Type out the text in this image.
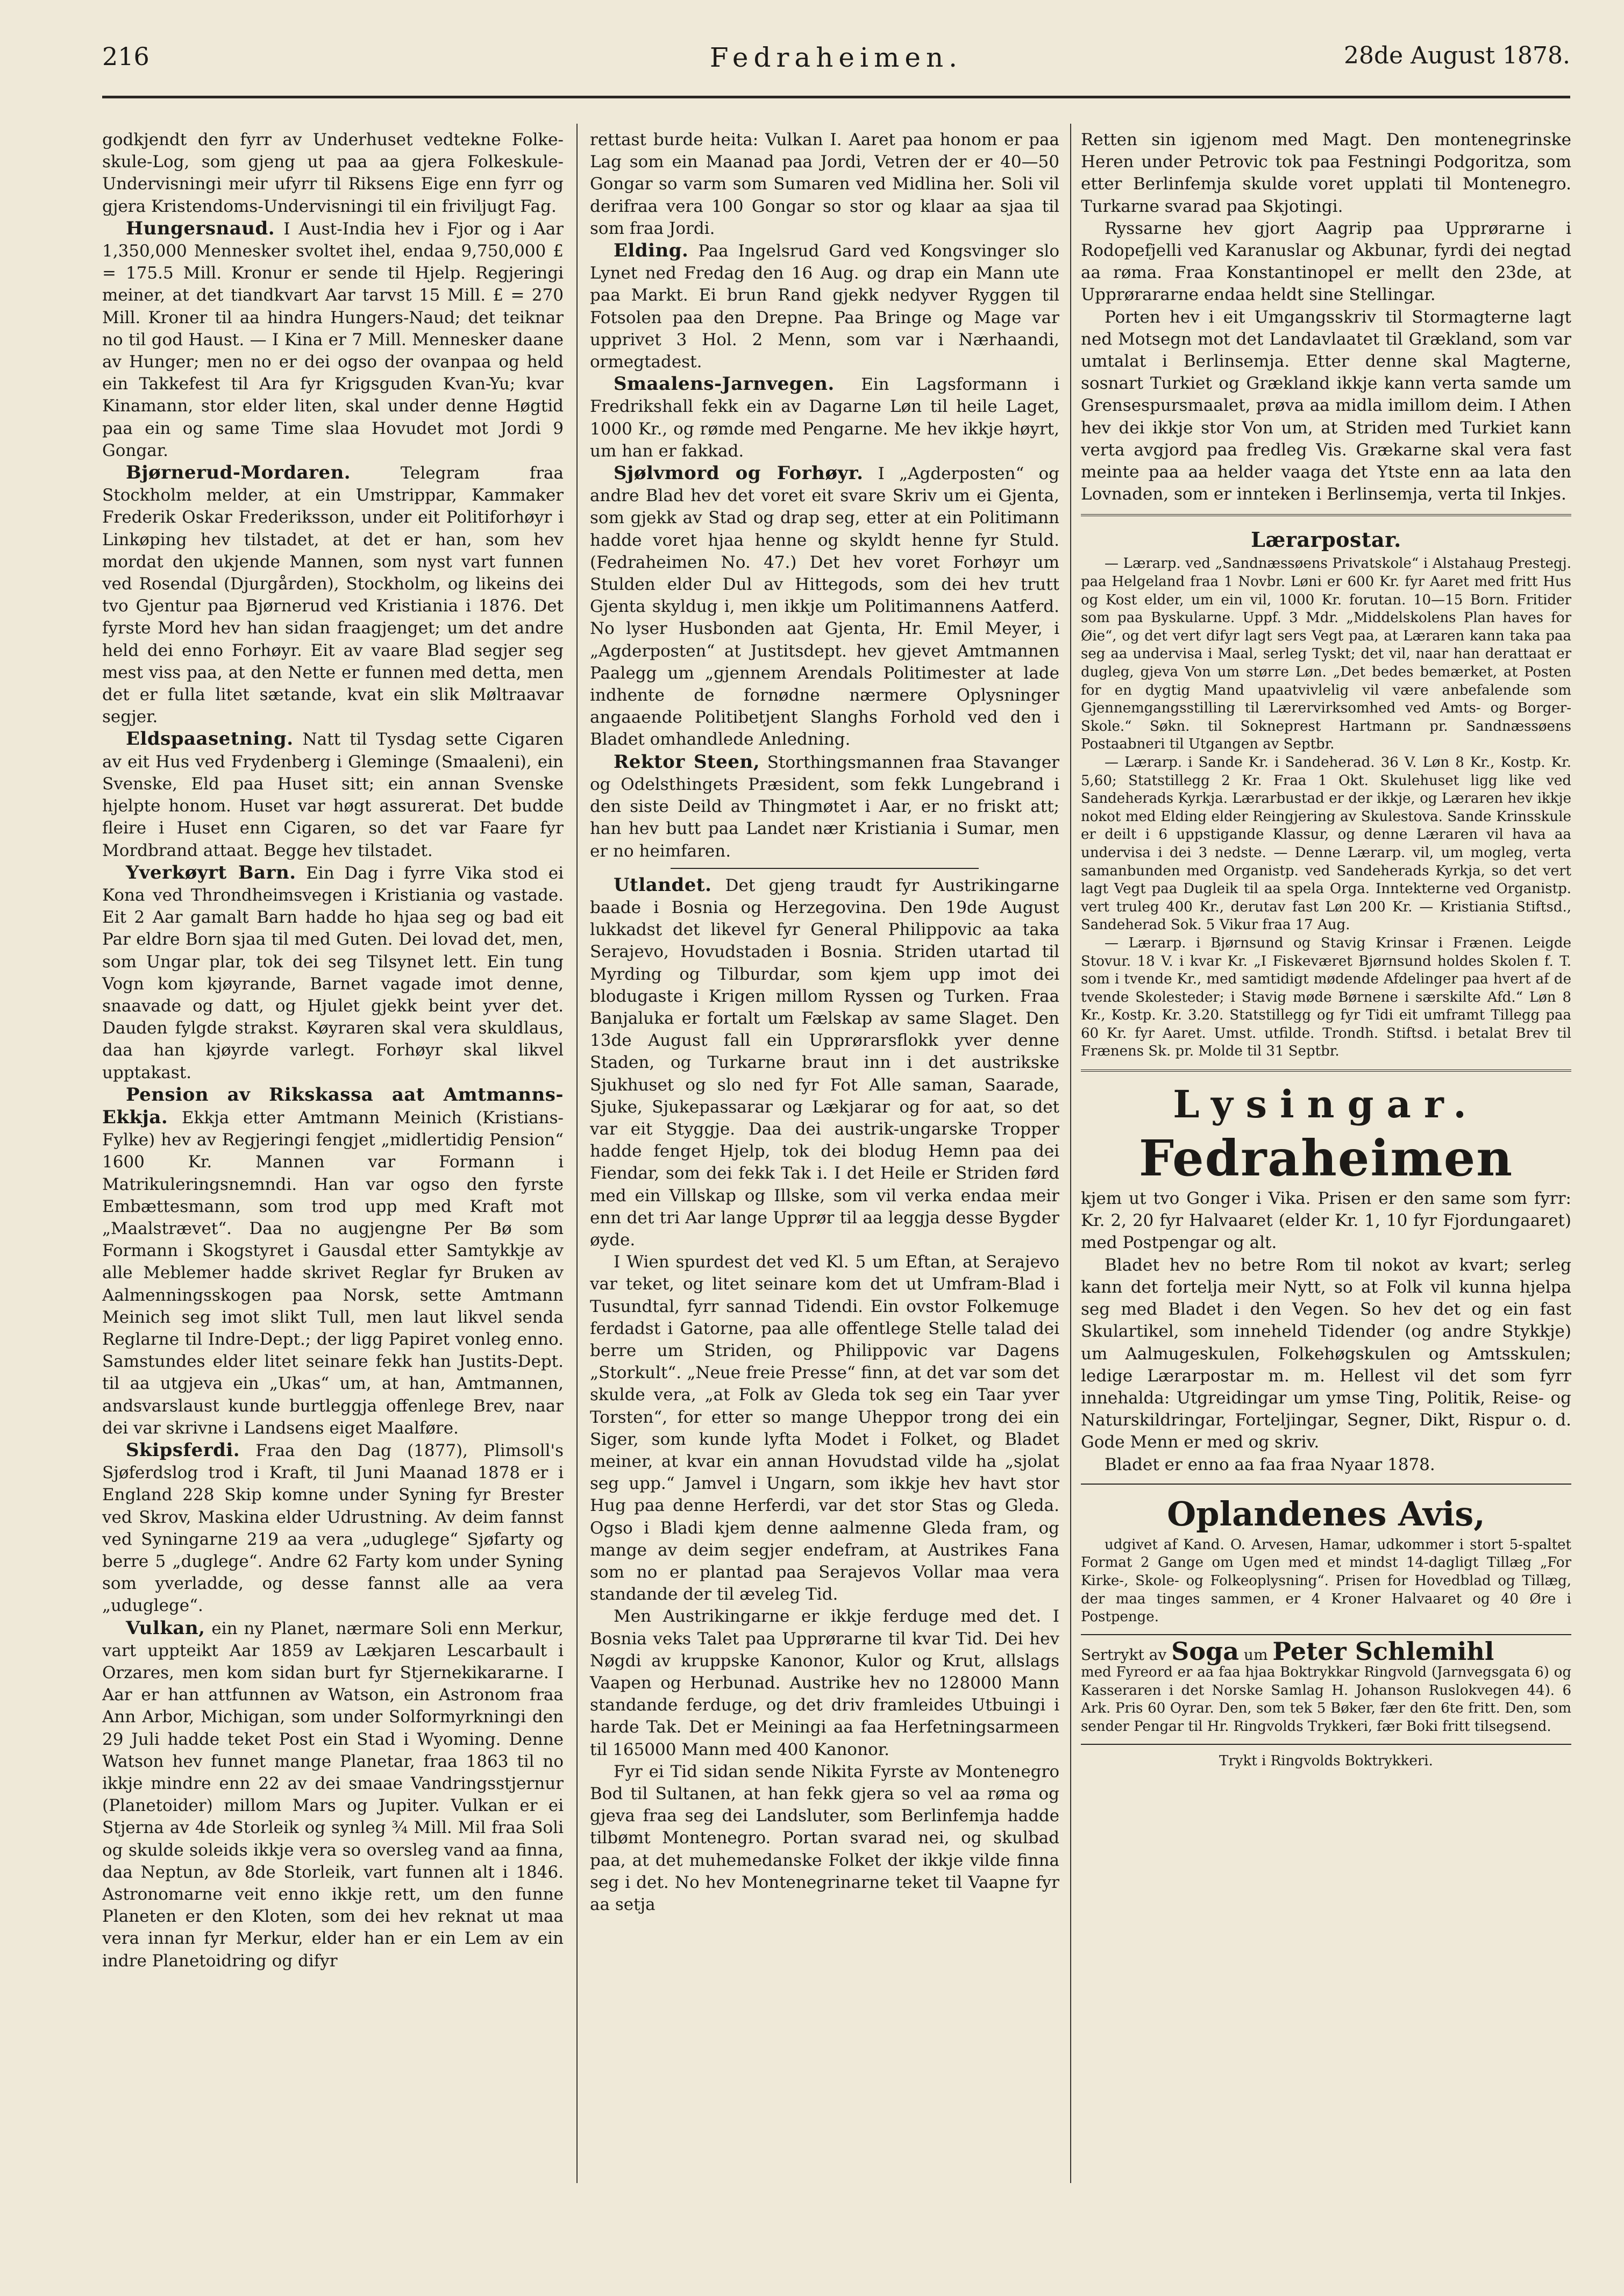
216	Fedraheimen.	28de August 1878.

godkjendt den fyrr av Underhuset vedtekne Folke-skule-Log, som gjeng ut paa aa gjera Folkeskule-Undervisningi meir ufyrr til Riksens Eige enn fyrr og gjera Kristendoms-Undervisningi til ein friviljugt Fag.

Hungersnaud. I Aust-India hev i Fjor og i Aar 1,350,000 Mennesker svoltet ihel, endaa 9,750,000 £ = 175.5 Mill. Kronur er sende til Hjelp. Regjeringi meiner, at det tiandkvart Aar tarvst 15 Mill. £ = 270 Mill. Kroner til aa hindra Hungers-Naud; det teiknar no til god Haust. — I Kina er 7 Mill. Mennesker daane av Hunger; men no er dei ogso der ovanpaa og held ein Takkefest til Ara fyr Krigsguden Kvan-Yu; kvar Kinamann, stor elder liten, skal under denne Høgtid paa ein og same Time slaa Hovudet mot Jordi 9 Gongar.

Bjørnerud-Mordaren.	Telegram fraa Stockholm melder, at ein Umstrippar, Kammaker Frederik Oskar Frederiksson, under eit Politiforhøyr i Linkøping hev tilstadet, at det er han, som hev mordat den ukjende Mannen, som nyst vart funnen ved Rosendal (Djurgården), Stockholm, og likeins dei tvo Gjentur paa Bjørnerud ved Kristiania i 1876. Det fyrste Mord hev han sidan fraagjenget; um det andre held dei enno Forhøyr. Eit av vaare Blad segjer seg mest viss paa, at den Nette er funnen med detta, men det er fulla litet sætande, kvat ein slik Møltraavar segjer.

Eldspaasetning. Natt til Tysdag sette Cigaren av eit Hus ved Frydenberg i Gleminge (Smaaleni), ein Svenske, Eld paa Huset sitt; ein annan Svenske hjelpte honom. Huset var høgt assurerat. Det budde fleire i Huset enn Cigaren, so det var Faare fyr Mordbrand attaat. Begge hev tilstadet.

Yverkøyrt Barn. Ein Dag i fyrre Vika stod ei Kona ved Throndheimsvegen i Kristiania og vastade. Eit 2 Aar gamalt Barn hadde ho hjaa seg og bad eit Par eldre Born sjaa til med Guten. Dei lovad det, men, som Ungar plar, tok dei seg Tilsynet lett. Ein tung Vogn kom kjøyrande, Barnet vagade imot denne, snaavade og datt, og Hjulet gjekk beint yver det. Dauden fylgde strakst. Køyraren skal vera skuldlaus, daa han kjøyrde varlegt. Forhøyr skal likvel upptakast.

Pension av Rikskassa aat Amtmanns-Ekkja. Ekkja etter Amtmann Meinich (Kristians-Fylke) hev av Regjeringi fengjet „midlertidig Pension“ 1600 Kr. Mannen var Formann i Matrikuleringsnemndi. Han var ogso den fyrste Embættesmann, som trod upp med Kraft mot „Maalstrævet“. Daa no augjengne Per Bø som Formann i Skogstyret i Gausdal etter Samtykkje av alle Meblemer hadde skrivet Reglar fyr Bruken av Aalmenningsskogen paa Norsk, sette Amtmann Meinich seg imot slikt Tull, men laut likvel senda Reglarne til Indre-Dept.; der ligg Papiret vonleg enno. Samstundes elder litet seinare fekk han Justits-Dept. til aa utgjeva ein „Ukas“ um, at han, Amtmannen, andsvarslaust kunde burtleggja offenlege Brev, naar dei var skrivne i Landsens eiget Maalføre.

Skipsferdi. Fraa den Dag (1877), Plimsoll's Sjøferdslog trod i Kraft, til Juni Maanad 1878 er i England 228 Skip komne under Syning fyr Brester ved Skrov, Maskina elder Udrustning. Av deim fannst ved Syningarne 219 aa vera „uduglege“ Sjøfarty og berre 5 „duglege“. Andre 62 Farty kom under Syning som yverladde, og desse fannst alle aa vera „uduglege“.

Vulkan, ein ny Planet, nærmare Soli enn Merkur, vart uppteikt Aar 1859 av Lækjaren Lescarbault i Orzares, men kom sidan burt fyr Stjernekikararne. I Aar er han attfunnen av Watson, ein Astronom fraa Ann Arbor, Michigan, som under Solformyrkningi den 29 Juli hadde teket Post ein Stad i Wyoming. Denne Watson hev funnet mange Planetar, fraa 1863 til no ikkje mindre enn 22 av dei smaae Vandringsstjernur (Planetoider) millom Mars og Jupiter. Vulkan er ei Stjerna av 4de Storleik og synleg ¾ Mill. Mil fraa Soli og skulde soleids ikkje vera so oversleg vand aa finna, daa Neptun, av 8de Storleik, vart funnen alt i 1846. Astronomarne veit enno ikkje rett, um den funne Planeten er den Kloten, som dei hev reknat ut maa vera innan fyr Merkur, elder han er ein Lem av ein indre Planetoidring og difyr

rettast burde heita: Vulkan I. Aaret paa honom er paa Lag som ein Maanad paa Jordi, Vetren der er 40—50 Gongar so varm som Sumaren ved Midlina her. Soli vil derifraa vera 100 Gongar so stor og klaar aa sjaa til som fraa Jordi.

Elding. Paa Ingelsrud Gard ved Kongsvinger slo Lynet ned Fredag den 16 Aug. og drap ein Mann ute paa Markt. Ei brun Rand gjekk nedyver Ryggen til Fotsolen paa den Drepne. Paa Bringe og Mage var upprivet 3 Hol. 2 Menn, som var i Nærhaandi, ormegtadest.

Smaalens-Jarnvegen. Ein Lagsformann i Fredrikshall fekk ein av Dagarne Løn til heile Laget, 1000 Kr., og rømde med Pengarne. Me hev ikkje høyrt, um han er fakkad.

Sjølvmord og Forhøyr. I „Agderposten“ og andre Blad hev det voret eit svare Skriv um ei Gjenta, som gjekk av Stad og drap seg, etter at ein Politimann hadde voret hjaa henne og skyldt henne fyr Stuld. (Fedraheimen No. 47.) Det hev voret Forhøyr um Stulden elder Dul av Hittegods, som dei hev trutt Gjenta skyldug i, men ikkje um Politimannens Aatferd. No lyser Husbonden aat Gjenta, Hr. Emil Meyer, i „Agderposten“ at Justitsdept. hev gjevet Amtmannen Paalegg um „gjennem Arendals Politimester at lade indhente de fornødne nærmere Oplysninger angaaende Politibetjent Slanghs Forhold ved den i Bladet omhandlede Anledning.

Rektor Steen, Storthingsmannen fraa Stavanger og Odelsthingets Præsident, som fekk Lungebrand i den siste Deild av Thingmøtet i Aar, er no friskt att; han hev butt paa Landet nær Kristiania i Sumar, men er no heimfaren.

Utlandet. Det gjeng traudt fyr Austrikingarne baade i Bosnia og Herzegovina. Den 19de August lukkadst det likevel fyr General Philippovic aa taka Serajevo, Hovudstaden i Bosnia. Striden utartad til Myrding og Tilburdar, som kjem upp imot dei blodugaste i Krigen millom Ryssen og Turken. Fraa Banjaluka er fortalt um Fælskap av same Slaget. Den 13de August fall ein Upprørarsflokk yver denne Staden, og Turkarne braut inn i det austrikske Sjukhuset og slo ned fyr Fot Alle saman, Saarade, Sjuke, Sjukepassarar og Lækjarar og for aat, so det var eit Styggje. Daa dei austrik-ungarske Tropper hadde fenget Hjelp, tok dei blodug Hemn paa dei Fiendar, som dei fekk Tak i. I det Heile er Striden førd med ein Villskap og Illske, som vil verka endaa meir enn det tri Aar lange Upprør til aa leggja desse Bygder øyde.

I Wien spurdest det ved Kl. 5 um Eftan, at Serajevo var teket, og litet seinare kom det ut Umfram-Blad i Tusundtal, fyrr sannad Tidendi. Ein ovstor Folkemuge ferdadst i Gatorne, paa alle offentlege Stelle talad dei berre um Striden, og Philippovic var Dagens „Storkult“. „Neue freie Presse“ finn, at det var som det skulde vera, „at Folk av Gleda tok seg ein Taar yver Torsten“, for etter so mange Uheppor trong dei ein Siger, som kunde lyfta Modet i Folket, og Bladet meiner, at kvar ein annan Hovudstad vilde ha „sjolat seg upp.“ Jamvel i Ungarn, som ikkje hev havt stor Hug paa denne Herferdi, var det stor Stas og Gleda. Ogso i Bladi kjem denne aalmenne Gleda fram, og mange av deim segjer endefram, at Austrikes Fana som no er plantad paa Serajevos Vollar maa vera standande der til æveleg Tid.

Men Austrikingarne er ikkje ferduge med det. I Bosnia veks Talet paa Upprørarne til kvar Tid. Dei hev Nøgdi av kruppske Kanonor, Kulor og Krut, allslags Vaapen og Herbunad. Austrike hev no 128000 Mann standande ferduge, og det driv framleides Utbuingi i harde Tak. Det er Meiningi aa faa Herfetningsarmeen til 165000 Mann med 400 Kanonor.

Fyr ei Tid sidan sende Nikita Fyrste av Montenegro Bod til Sultanen, at han fekk gjera so vel aa røma og gjeva fraa seg dei Landsluter, som Berlinfemja hadde tilbømt Montenegro. Portan svarad nei, og skulbad paa, at det muhemedanske Folket der ikkje vilde finna seg i det. No hev Montenegrinarne teket til Vaapne fyr aa setja

Retten sin igjenom med Magt. Den montenegrinske Heren under Petrovic tok paa Festningi Podgoritza, som etter Berlinfemja skulde voret upplati til Montenegro. Turkarne svarad paa Skjotingi.

Ryssarne hev gjort Aagrip paa Upprørarne i Rodopefjelli ved Karanuslar og Akbunar, fyrdi dei negtad aa røma. Fraa Konstantinopel er mellt den 23de, at Upprørararne endaa heldt sine Stellingar.

Porten hev i eit Umgangsskriv til Stormagterne lagt ned Motsegn mot det Landavlaatet til Grækland, som var umtalat i Berlinsemja. Etter denne skal Magterne, sosnart Turkiet og Grækland ikkje kann verta samde um Grensespursmaalet, prøva aa midla imillom deim. I Athen hev dei ikkje stor Von um, at Striden med Turkiet kann verta avgjord paa fredleg Vis. Grækarne skal vera fast meinte paa aa helder vaaga det Ytste enn aa lata den Lovnaden, som er innteken i Berlinsemja, verta til Inkjes.

Lærarpostar.

— Lærarp. ved „Sandnæssøens Privatskole“ i Alstahaug Prestegj. paa Helgeland fraa 1 Novbr. Løni er 600 Kr. fyr Aaret med fritt Hus og Kost elder, um ein vil, 1000 Kr. forutan. 10—15 Born. Fritider som paa Byskularne. Uppf. 3 Mdr. „Middelskolens Plan haves for Øie“, og det vert difyr lagt sers Vegt paa, at Læraren kann taka paa seg aa undervisa i Maal, serleg Tyskt; det vil, naar han derattaat er dugleg, gjeva Von um større Løn. „Det bedes bemærket, at Posten for en dygtig Mand upaatvivlelig vil være anbefalende som Gjennemgangsstilling til Lærervirksomhed ved Amts- og Borger-Skole.“ Søkn. til Sokneprest Hartmann pr. Sandnæssøens Postaabneri til Utgangen av Septbr.

— Lærarp. i Sande Kr. i Sandeherad. 36 V. Løn 8 Kr., Kostp. Kr. 5,60; Statstillegg 2 Kr. Fraa 1 Okt. Skulehuset ligg like ved Sandeherads Kyrkja. Lærarbustad er der ikkje, og Læraren hev ikkje nokot med Elding elder Reingjering av Skulestova. Sande Krinsskule er deilt i 6 uppstigande Klassur, og denne Læraren vil hava aa undervisa i dei 3 nedste. — Denne Lærarp. vil, um mogleg, verta samanbunden med Organistp. ved Sandeherads Kyrkja, so det vert lagt Vegt paa Dugleik til aa spela Orga. Inntekterne ved Organistp. vert truleg 400 Kr., derutav fast Løn 200 Kr. — Kristiania Stiftsd., Sandeherad Sok. 5 Vikur fraa 17 Aug.

— Lærarp. i Bjørnsund og Stavig Krinsar i Frænen. Leigde Stovur. 18 V. i kvar Kr. „I Fiskeværet Bjørnsund holdes Skolen f. T. som i tvende Kr., med samtidigt mødende Afdelinger paa hvert af de tvende Skolesteder; i Stavig møde Børnene i særskilte Afd.“ Løn 8 Kr., Kostp. Kr. 3.20. Statstillegg og fyr Tidi eit umframt Tillegg paa 60 Kr. fyr Aaret. Umst. utfilde. Trondh. Stiftsd. i betalat Brev til Frænens Sk. pr. Molde til 31 Septbr.

Lysingar.

Fedraheimen

kjem ut tvo Gonger i Vika. Prisen er den same som fyrr: Kr. 2, 20 fyr Halvaaret (elder Kr. 1, 10 fyr Fjordungaaret) med Postpengar og alt.

Bladet hev no betre Rom til nokot av kvart; serleg kann det fortelja meir Nytt, so at Folk vil kunna hjelpa seg med Bladet i den Vegen. So hev det og ein fast Skulartikel, som inneheld Tidender (og andre Stykkje) um Aalmugeskulen, Folkehøgskulen og Amtsskulen; ledige Lærarpostar m. m. Hellest vil det som fyrr innehalda: Utgreidingar um ymse Ting, Politik, Reise- og Naturskildringar, Forteljingar, Segner, Dikt, Rispur o. d. Gode Menn er med og skriv.

Bladet er enno aa faa fraa Nyaar 1878.

Oplandenes Avis,

udgivet af Kand. O. Arvesen, Hamar, udkommer i stort 5-spaltet Format 2 Gange om Ugen med et mindst 14-dagligt Tillæg „For Kirke-, Skole- og Folkeoplysning“. Prisen for Hovedblad og Tillæg, der maa tinges sammen, er 4 Kroner Halvaaret og 40 Øre i Postpenge.

Sertrykt av Soga um Peter Schlemihl

med Fyreord er aa faa hjaa Boktrykkar Ringvold (Jarnvegsgata 6) og Kasseraren i det Norske Samlag H. Johanson Ruslokvegen 44). 6 Ark. Pris 60 Oyrar. Den, som tek 5 Bøker, fær den 6te fritt. Den, som sender Pengar til Hr. Ringvolds Trykkeri, fær Boki fritt tilsegsend.

Trykt i Ringvolds Boktrykkeri.
